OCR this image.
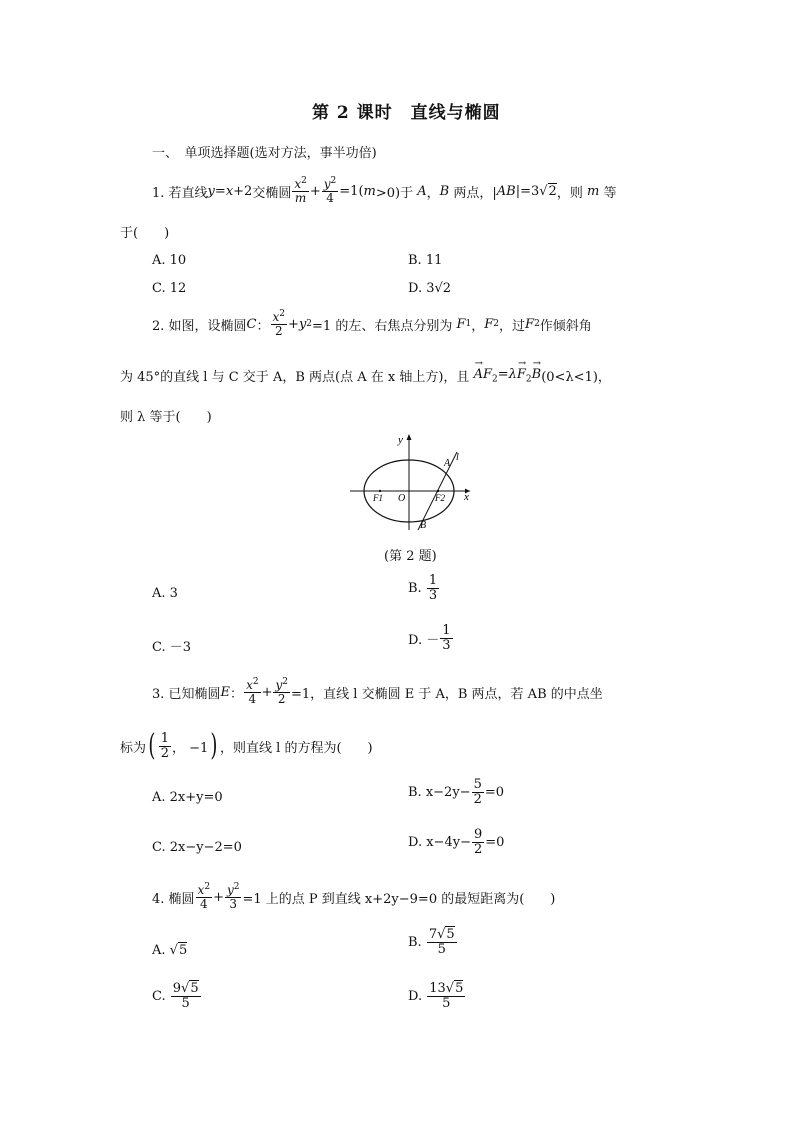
第 2 课时　直线与椭圆
一、　单项选择题(选对方法，事半功倍)
1. 若直线 y=x+2 交椭圆 $\frac{x^2}{m} + \frac{y^2}{4} =1$( m >0)于
A ， B
两点，| AB |=3 √2 ，则
m
等
于(　　)
A. 10	B. 11
C. 12	D. 3√2
2. 如图，设椭圆 C ： $\frac{x^2}{2} + y$ 2 =1 的左、右焦点分别为
F 1 ， F 2 ，过 F 2 作倾斜角
为 45°的直线 l 与 C 交于 A，B 两点(点 A 在 x 轴上方)，且
→ $AF_2=\lambda\to F_2\to B$ (0<λ<1)，
则 λ 等于(　　)
y
x
O
F1	F2
A
B
l
(第 2 题)
A. 3	B.
$\frac{1}{3}$
C. －3	D. － $\frac{1}{3}$
3. 已知椭圆 E ： $\frac{x^2}{4} + \frac{y^2}{2} =1$，直线 l 交椭圆 E 于 A，B 两点，若 AB 的中点坐
标为 ( $\frac{1}{2}$ ， −1 ) ，则直线 l 的方程为(　　)
A. 2x+y=0	B. $x-2y- \frac{5}{2} =0$
C. 2x−y−2=0	D. $x-4y- \frac{9}{2} =0$
4. 椭圆 $\frac{x^2}{4} + \frac{y^2}{3} =1$ 上的点 P 到直线 x+2y−9=0 的最短距离为(　　)
A. √ 5
B.
$\frac{7√5}{5}$
C.
$\frac{9√5}{5}$	D.
$\frac{13√5}{5}$
